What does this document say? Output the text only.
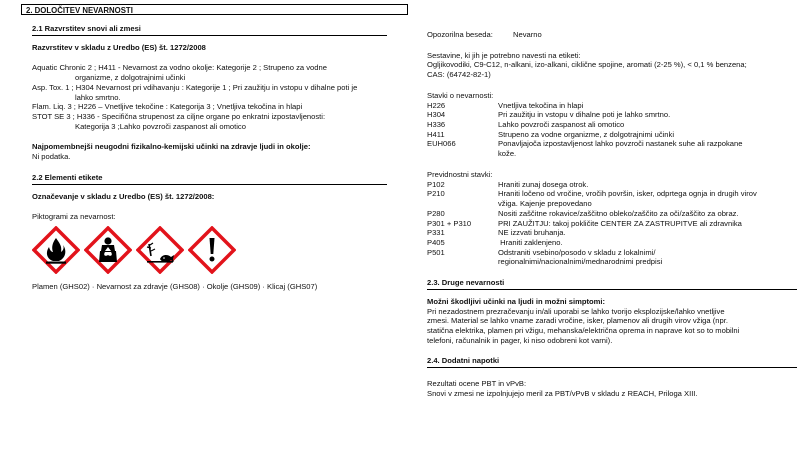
2. DOLOČITEV NEVARNOSTI
2.1 Razvrstitev snovi ali zmesi
Razvrstitev v skladu z Uredbo (ES) št. 1272/2008
Aquatic Chronic 2 ; H411 - Nevarnost za vodno okolje: Kategorije 2 ; Strupeno za vodne
organizme, z dolgotrajnimi učinki
Asp. Tox. 1 ; H304 Nevarnost pri vdihavanju : Kategorije 1 ; Pri zaužitju in vstopu v dihalne poti je
lahko smrtno.
Flam. Liq. 3 ; H226 – Vnetljive tekočine : Kategorija 3 ; Vnetljiva tekočina in hlapi
STOT SE 3 ; H336 - Specifična strupenost za ciljne organe po enkratni izpostavljenosti:
Kategorija 3 ;Lahko povzroči zaspanost ali omotico
Najpomembnejši neugodni fizikalno-kemijski učinki na zdravje ljudi in okolje:
Ni podatka.
2.2 Elementi etikete
Označevanje v skladu z Uredbo (ES) št. 1272/2008:
Piktogrami za nevarnost:
Plamen (GHS02) · Nevarnost za zdravje (GHS08) · Okolje (GHS09) · Klicaj (GHS07)
Opozorilna beseda:	Nevarno
Sestavine, ki jih je potrebno navesti na etiketi:
Ogljikovodiki, C9-C12, n-alkani, izo-alkani, ciklične spojine, aromati (2-25 %), < 0,1 % benzena;
CAS: (64742-82-1)
Stavki o nevarnosti:
H226	Vnetljiva tekočina in hlapi
H304	Pri zaužitju in vstopu v dihalne poti je lahko smrtno.
H336	Lahko povzroči zaspanost ali omotico
H411	Strupeno za vodne organizme, z dolgotrajnimi učinki
EUH066	Ponavljajoča izpostavljenost lahko povzroči nastanek suhe ali razpokane
kože.
Previdnostni stavki:
P102	Hraniti zunaj dosega otrok.
P210	Hraniti ločeno od vročine, vročih površin, isker, odprtega ognja in drugih virov
vžiga. Kajenje prepovedano
P280	Nositi zaščitne rokavice/zaščitno obleko/zaščito za oči/zaščito za obraz.
P301 + P310	PRI ZAUŽITJU: takoj pokličite CENTER ZA ZASTRUPITVE ali zdravnika
P331	NE izzvati bruhanja.
P405	Hraniti zaklenjeno.
P501	Odstraniti vsebino/posodo v skladu z lokalnimi/
regionalnimi/nacionalnimi/mednarodnimi predpisi
2.3. Druge nevarnosti
Možni škodljivi učinki na ljudi in možni simptomi:
Pri nezadostnem prezračevanju in/ali uporabi se lahko tvorijo eksplozijske/lahko vnetljive
zmesi. Material se lahko vname zaradi vročine, isker, plamenov ali drugih virov vžiga (npr.
statična elektrika, plamen pri vžigu, mehanska/električna oprema in naprave kot so to mobilni
telefoni, računalnik in pager, ki niso odobreni kot varni).
2.4. Dodatni napotki
Rezultati ocene PBT in vPvB:
Snovi v zmesi ne izpolnjujejo meril za PBT/vPvB v skladu z REACH, Priloga XIII.
